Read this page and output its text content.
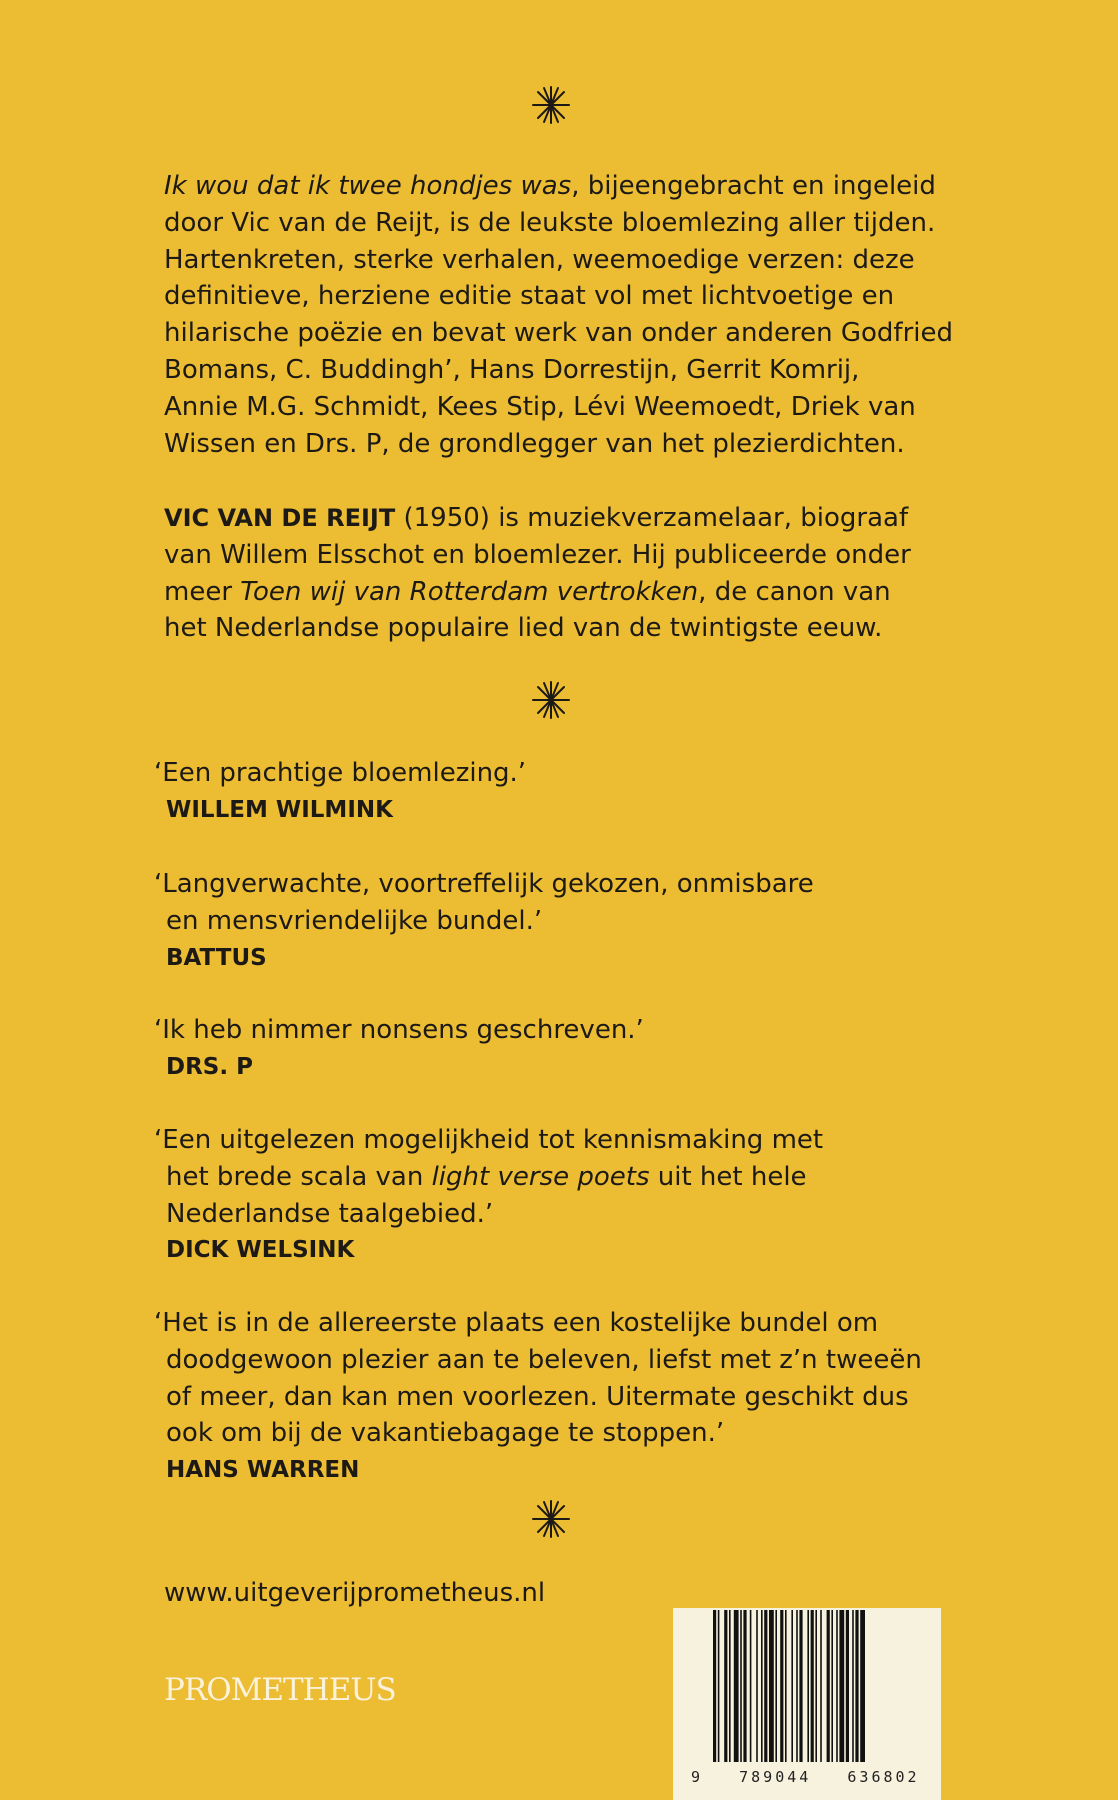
Ik wou dat ik twee hondjes was, bijeengebracht en ingeleid

door Vic van de Reijt, is de leukste bloemlezing aller tijden.

Hartenkreten, sterke verhalen, weemoedige verzen: deze

definitieve, herziene editie staat vol met lichtvoetige en

hilarische poëzie en bevat werk van onder anderen Godfried

Bomans, C. Buddingh’, Hans Dorrestijn, Gerrit Komrij,

Annie M.G. Schmidt, Kees Stip, Lévi Weemoedt, Driek van

Wissen en Drs. P, de grondlegger van het plezierdichten.

VIC VAN DE REIJT (1950) is muziekverzamelaar, biograaf

van Willem Elsschot en bloemlezer. Hij publiceerde onder

meer Toen wij van Rotterdam vertrokken, de canon van

het Nederlandse populaire lied van de twintigste eeuw.

‘Een prachtige bloemlezing.’
WILLEM WILMINK
‘Langverwachte, voortreffelijk gekozen, onmisbare
en mensvriendelijke bundel.’
BATTUS
‘Ik heb nimmer nonsens geschreven.’
DRS. P
‘Een uitgelezen mogelijkheid tot kennismaking met
het brede scala van light verse poets uit het hele
Nederlandse taalgebied.’
DICK WELSINK
‘Het is in de allereerste plaats een kostelijke bundel om
doodgewoon plezier aan te beleven, liefst met z’n tweeën
of meer, dan kan men voorlezen. Uitermate geschikt dus
ook om bij de vakantiebagage te stoppen.’
HANS WARREN
www.uitgeverijprometheus.nl
PROMETHEUS
9   789044   636802
